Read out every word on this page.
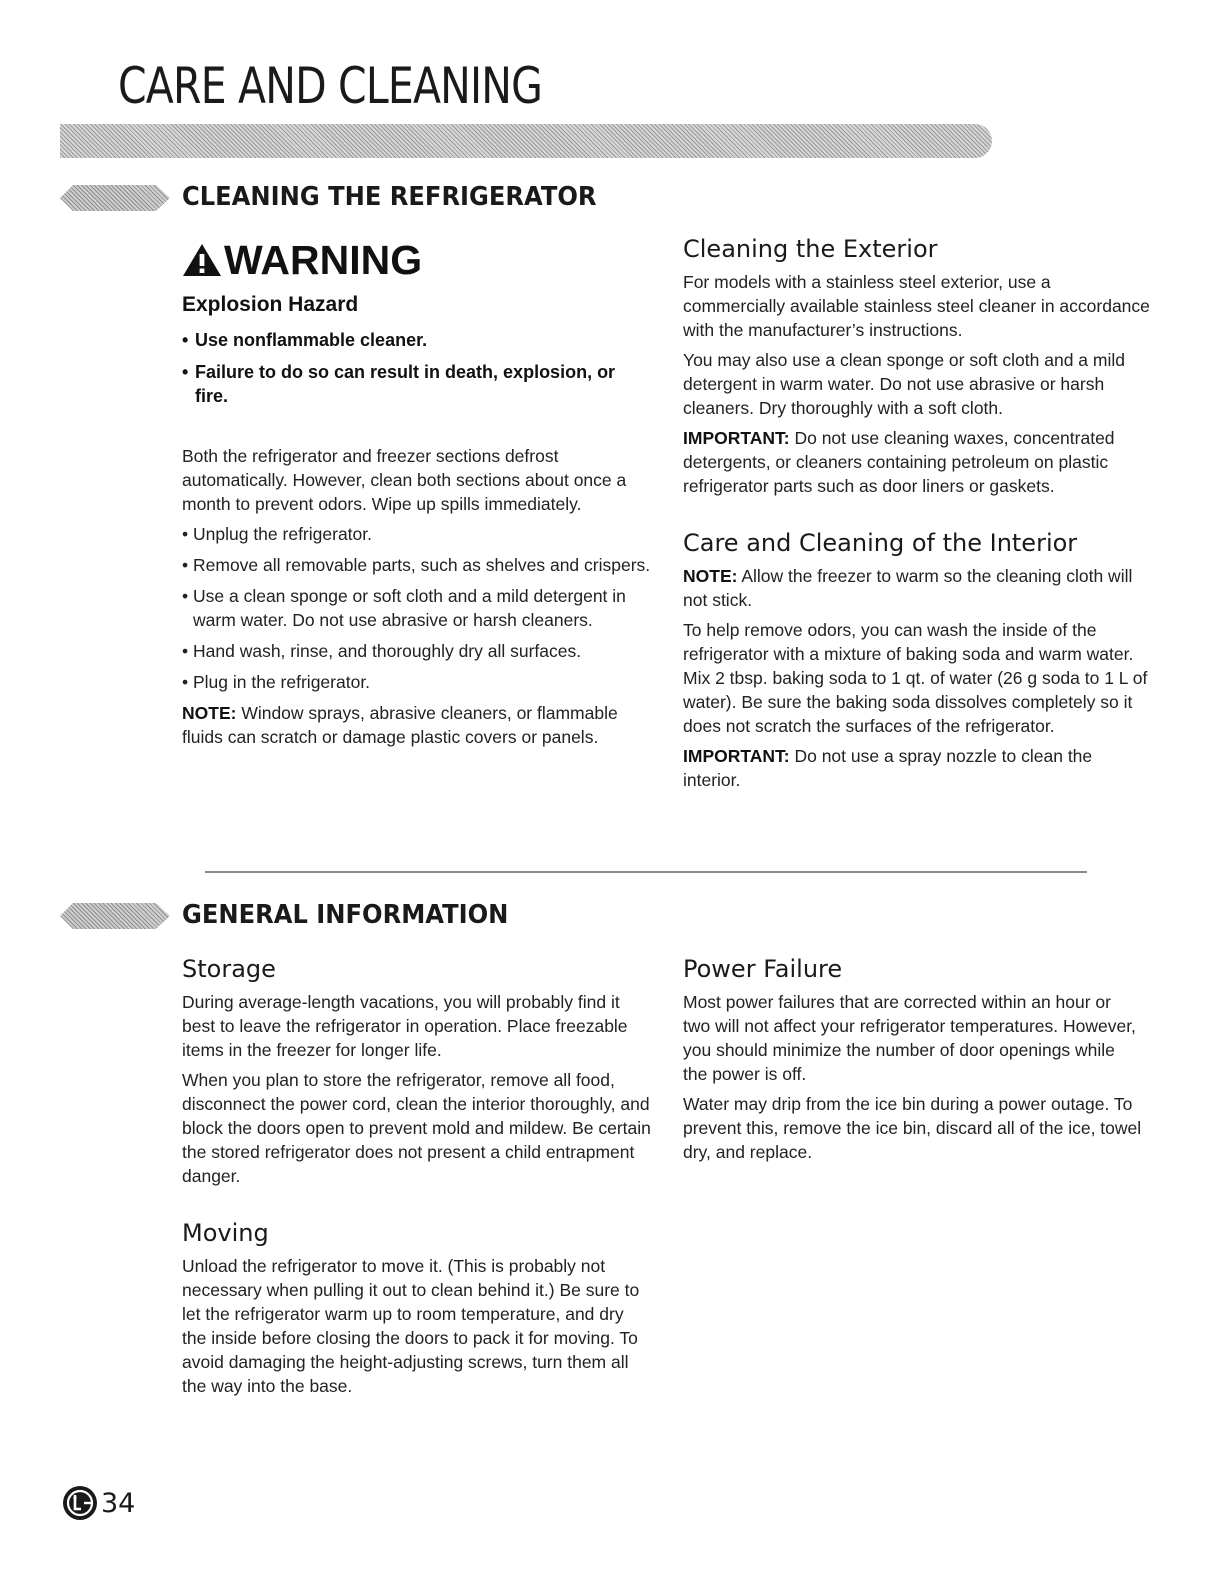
CARE AND CLEANING
CLEANING THE REFRIGERATOR
WARNING
Explosion Hazard
• Use nonflammable cleaner.
• Failure to do so can result in death, explosion, or fire.

Both the refrigerator and freezer sections defrost automatically. However, clean both sections about once a month to prevent odors. Wipe up spills immediately.

• Unplug the refrigerator.
• Remove all removable parts, such as shelves and crispers.
• Use a clean sponge or soft cloth and a mild detergent in warm water. Do not use abrasive or harsh cleaners.
• Hand wash, rinse, and thoroughly dry all surfaces.
• Plug in the refrigerator.

NOTE: Window sprays, abrasive cleaners, or flammable fluids can scratch or damage plastic covers or panels.

Cleaning the Exterior

For models with a stainless steel exterior, use a commercially available stainless steel cleaner in accordance with the manufacturer’s instructions.

You may also use a clean sponge or soft cloth and a mild detergent in warm water. Do not use abrasive or harsh cleaners. Dry thoroughly with a soft cloth.

IMPORTANT: Do not use cleaning waxes, concentrated detergents, or cleaners containing petroleum on plastic refrigerator parts such as door liners or gaskets.

Care and Cleaning of the Interior

NOTE: Allow the freezer to warm so the cleaning cloth will not stick.

To help remove odors, you can wash the inside of the refrigerator with a mixture of baking soda and warm water. Mix 2 tbsp. baking soda to 1 qt. of water (26 g soda to 1 L of water). Be sure the baking soda dissolves completely so it does not scratch the surfaces of the refrigerator.

IMPORTANT: Do not use a spray nozzle to clean the interior.

GENERAL INFORMATION
Storage

During average-length vacations, you will probably find it best to leave the refrigerator in operation. Place freezable items in the freezer for longer life.

When you plan to store the refrigerator, remove all food, disconnect the power cord, clean the interior thoroughly, and block the doors open to prevent mold and mildew. Be certain the stored refrigerator does not present a child entrapment danger.

Moving

Unload the refrigerator to move it. (This is probably not necessary when pulling it out to clean behind it.) Be sure to let the refrigerator warm up to room temperature, and dry the inside before closing the doors to pack it for moving. To avoid damaging the height-adjusting screws, turn them all the way into the base.

Power Failure

Most power failures that are corrected within an hour or two will not affect your refrigerator temperatures. However, you should minimize the number of door openings while the power is off.

Water may drip from the ice bin during a power outage. To prevent this, remove the ice bin, discard all of the ice, towel dry, and replace.

34
